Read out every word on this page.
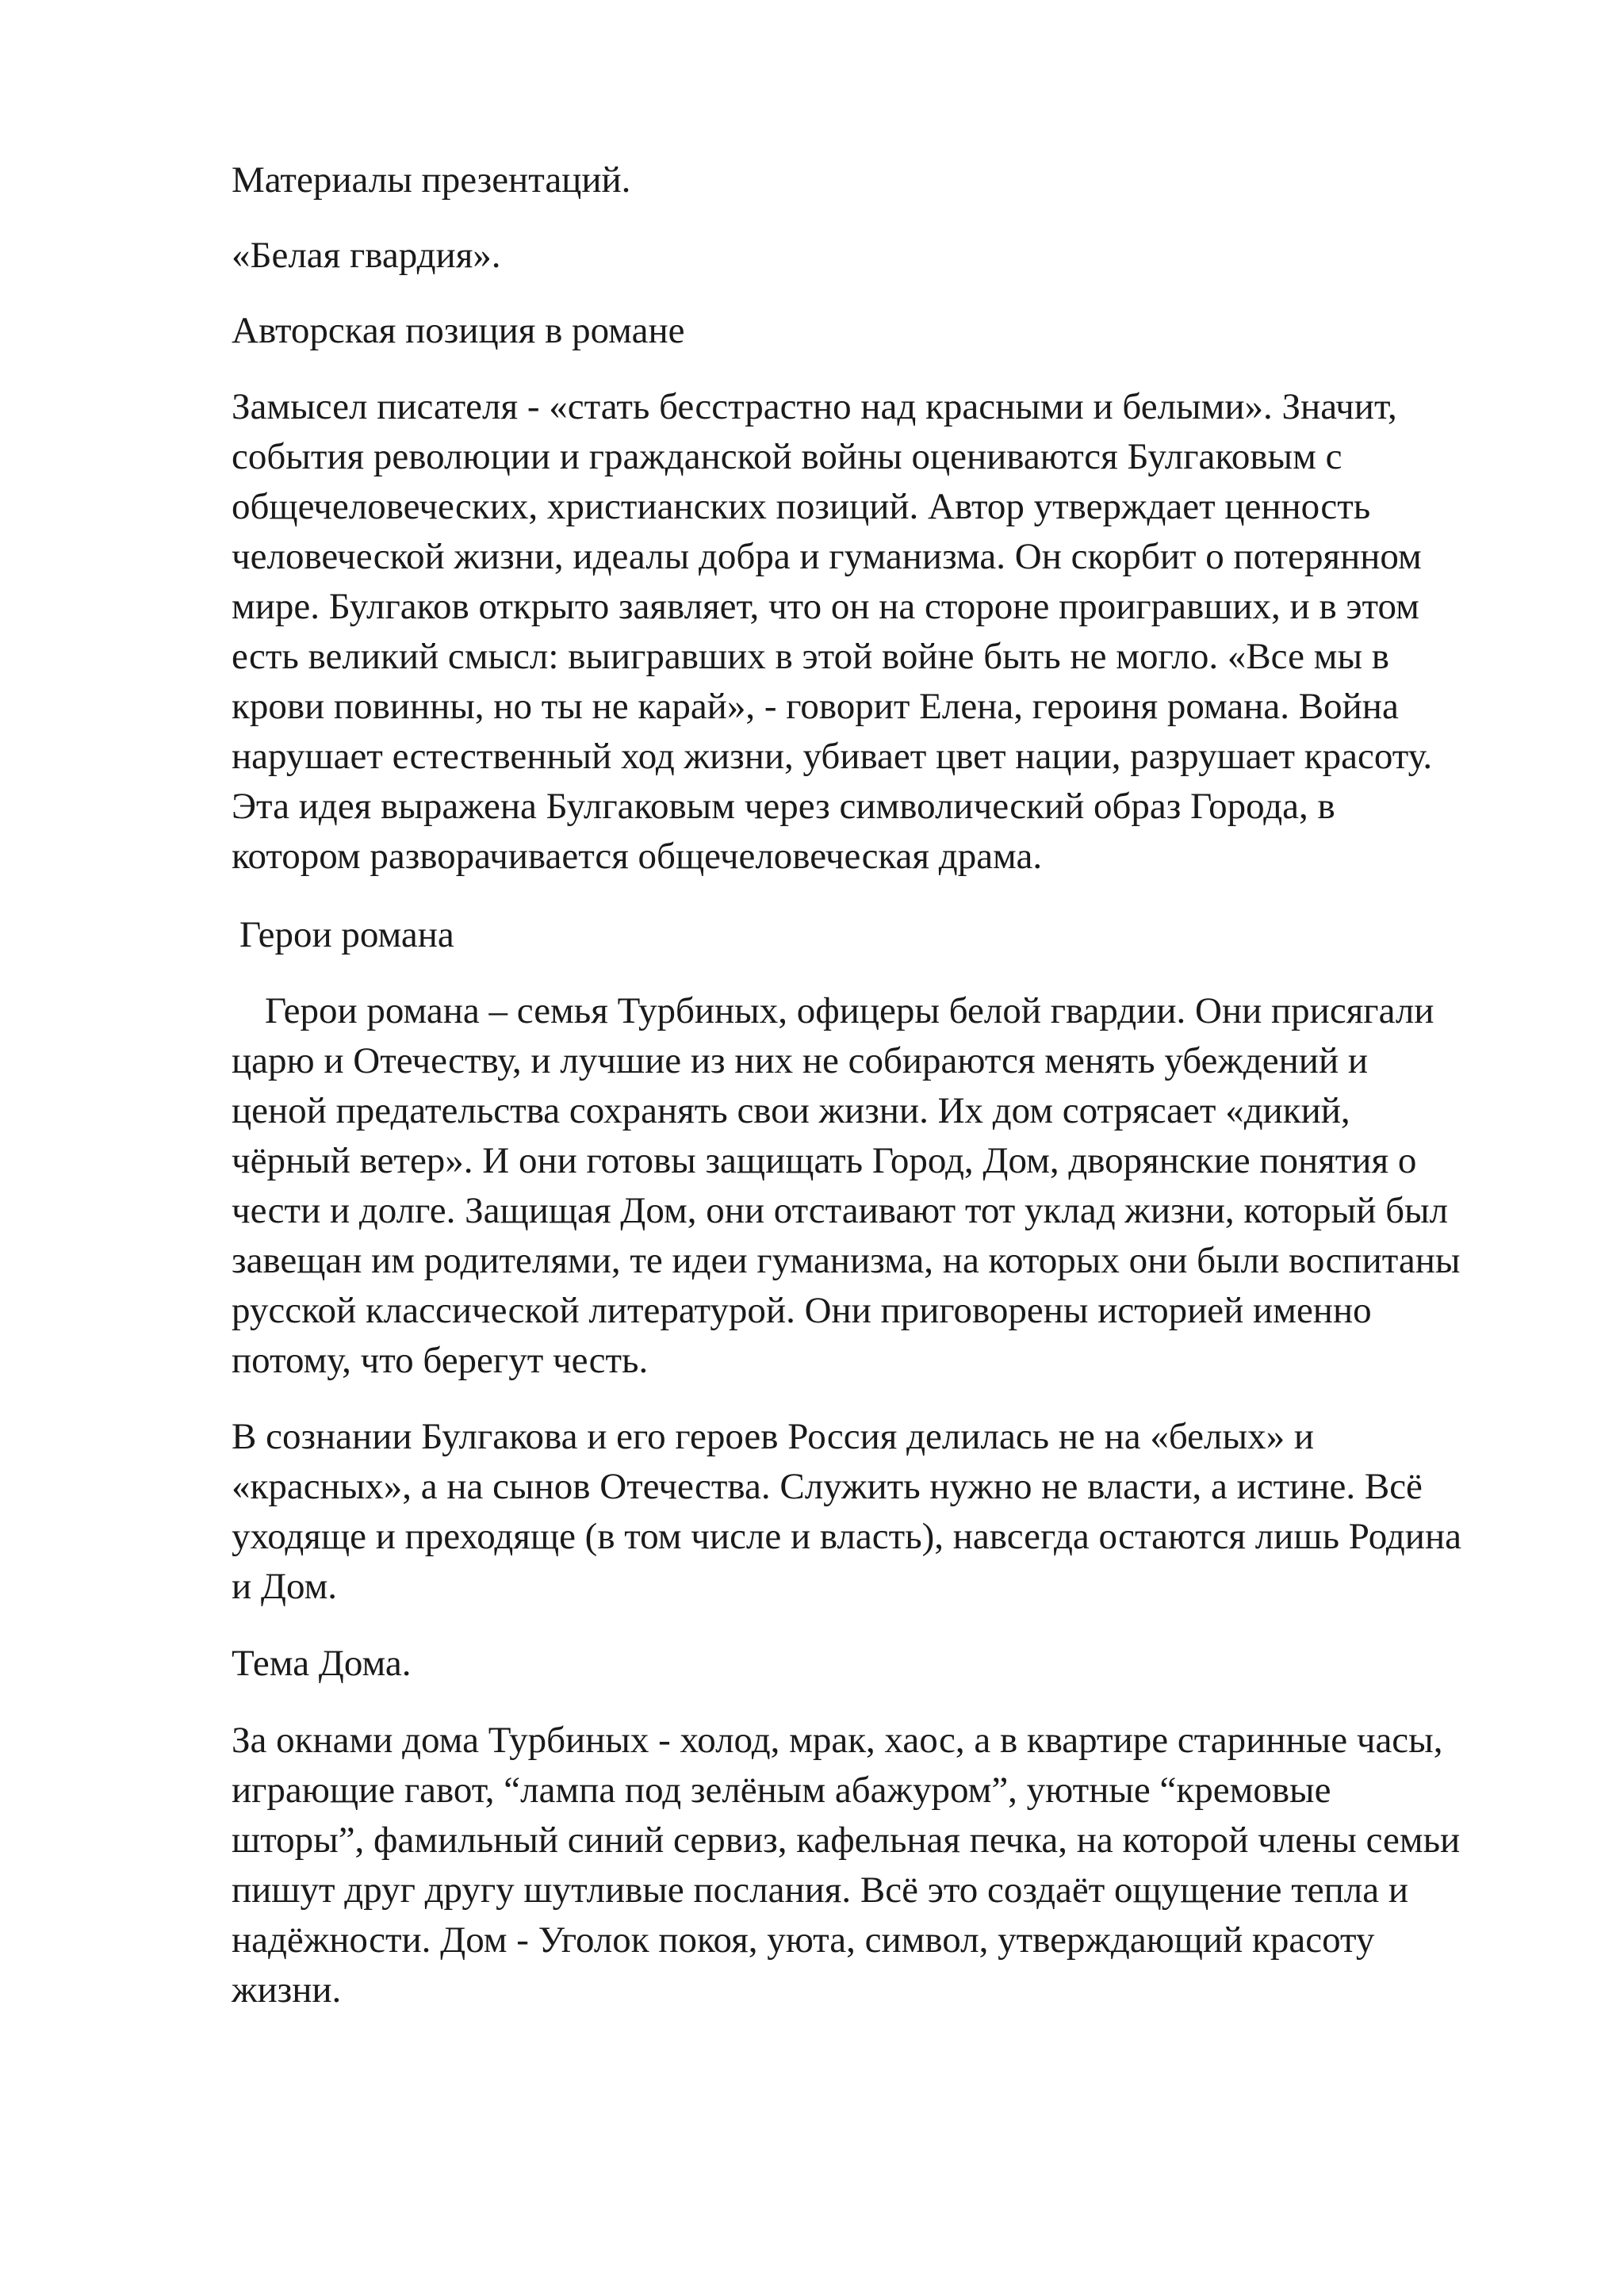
Материалы презентаций.

«Белая гвардия».

Авторская позиция в романе

Замысел писателя - «стать бесстрастно над красными и белыми». Значит,
события революции и гражданской войны оцениваются Булгаковым с
общечеловеческих, христианских позиций. Автор утверждает ценность
человеческой жизни, идеалы добра и гуманизма. Он скорбит о потерянном
мире. Булгаков открыто заявляет, что он на стороне проигравших, и в этом
есть великий смысл: выигравших в этой войне быть не могло. «Все мы в
крови повинны, но ты не карай», - говорит Елена, героиня романа. Война
нарушает естественный ход жизни, убивает цвет нации, разрушает красоту.
Эта идея выражена Булгаковым через символический образ Города, в
котором разворачивается общечеловеческая драма.

Герои романа

Герои романа – семья Турбиных, офицеры белой гвардии. Они присягали
царю и Отечеству, и лучшие из них не собираются менять убеждений и
ценой предательства сохранять свои жизни. Их дом сотрясает «дикий,
чёрный ветер». И они готовы защищать Город, Дом, дворянские понятия о
чести и долге. Защищая Дом, они отстаивают тот уклад жизни, который был
завещан им родителями, те идеи гуманизма, на которых они были воспитаны
русской классической литературой. Они приговорены историей именно
потому, что берегут честь.

В сознании Булгакова и его героев Россия делилась не на «белых» и
«красных», а на сынов Отечества. Служить нужно не власти, а истине. Всё
уходяще и преходяще (в том числе и власть), навсегда остаются лишь Родина
и Дом.

Тема Дома.

За окнами дома Турбиных - холод, мрак, хаос, а в квартире старинные часы,
играющие гавот, “лампа под зелёным абажуром”, уютные “кремовые
шторы”, фамильный синий сервиз, кафельная печка, на которой члены семьи
пишут друг другу шутливые послания. Всё это создаёт ощущение тепла и
надёжности. Дом - Уголок покоя, уюта, символ, утверждающий красоту
жизни.
